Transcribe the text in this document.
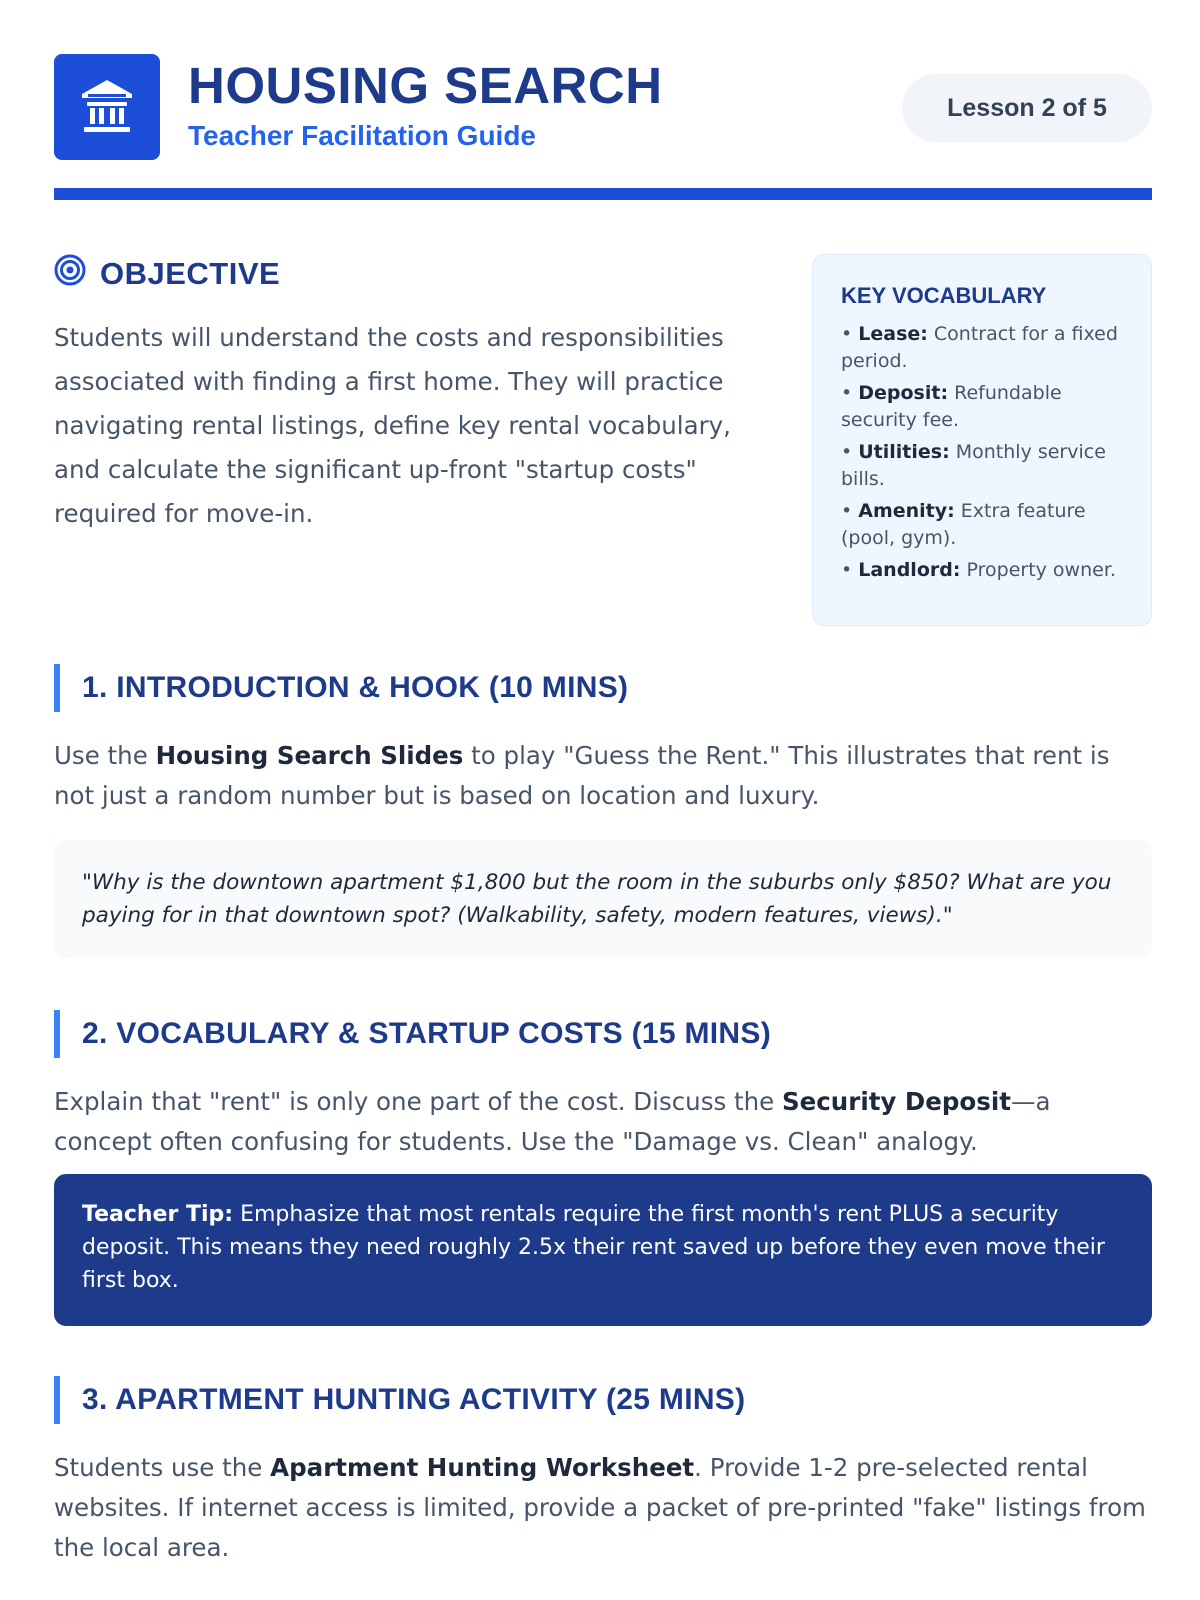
HOUSING SEARCH
Teacher Facilitation Guide
Lesson 2 of 5
OBJECTIVE

Students will understand the costs and responsibilities associated with finding a first home. They will practice navigating rental listings, define key rental vocabulary, and calculate the significant up-front "startup costs" required for move-in.

KEY VOCABULARY
• Lease: Contract for a fixed period.
• Deposit: Refundable security fee.
• Utilities: Monthly service bills.
• Amenity: Extra feature (pool, gym).
• Landlord: Property owner.
1. INTRODUCTION & HOOK (10 MINS)

Use the Housing Search Slides to play "Guess the Rent." This illustrates that rent is not just a random number but is based on location and luxury.

"Why is the downtown apartment $1,800 but the room in the suburbs only $850? What are you paying for in that downtown spot? (Walkability, safety, modern features, views)."
2. VOCABULARY & STARTUP COSTS (15 MINS)

Explain that "rent" is only one part of the cost. Discuss the Security Deposit—a concept often confusing for students. Use the "Damage vs. Clean" analogy.

Teacher Tip: Emphasize that most rentals require the first month's rent PLUS a security deposit. This means they need roughly 2.5x their rent saved up before they even move their first box.
3. APARTMENT HUNTING ACTIVITY (25 MINS)

Students use the Apartment Hunting Worksheet. Provide 1-2 pre-selected rental websites. If internet access is limited, provide a packet of pre-printed "fake" listings from the local area.
